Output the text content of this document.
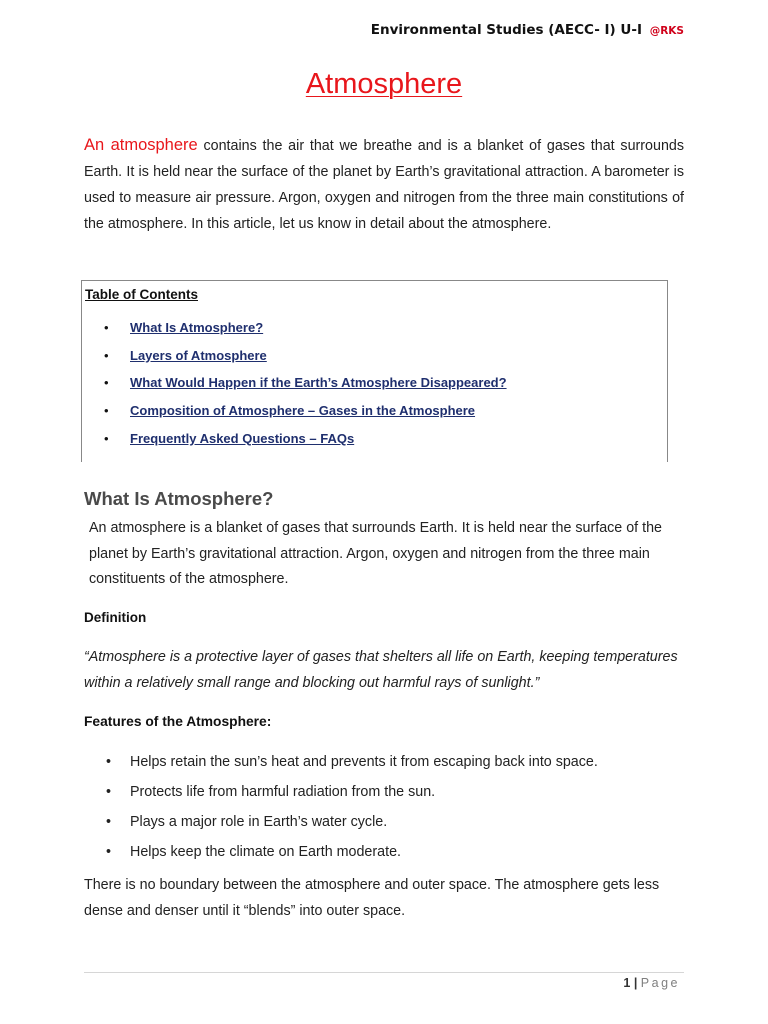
Environmental Studies (AECC- I) U-I @RKS
Atmosphere
An atmosphere contains the air that we breathe and is a blanket of gases that surrounds Earth. It is held near the surface of the planet by Earth’s gravitational attraction. A barometer is used to measure air pressure. Argon, oxygen and nitrogen from the three main constitutions of the atmosphere. In this article, let us know in detail about the atmosphere.
Table of Contents
• What Is Atmosphere?
• Layers of Atmosphere
• What Would Happen if the Earth’s Atmosphere Disappeared?
• Composition of Atmosphere – Gases in the Atmosphere
• Frequently Asked Questions – FAQs
What Is Atmosphere?
An atmosphere is a blanket of gases that surrounds Earth. It is held near the surface of the planet by Earth’s gravitational attraction. Argon, oxygen and nitrogen from the three main constituents of the atmosphere.
Definition
“Atmosphere is a protective layer of gases that shelters all life on Earth, keeping temperatures within a relatively small range and blocking out harmful rays of sunlight.”
Features of the Atmosphere:
• Helps retain the sun’s heat and prevents it from escaping back into space.
• Protects life from harmful radiation from the sun.
• Plays a major role in Earth’s water cycle.
• Helps keep the climate on Earth moderate.
There is no boundary between the atmosphere and outer space. The atmosphere gets less dense and denser until it “blends” into outer space.
1 | Page
